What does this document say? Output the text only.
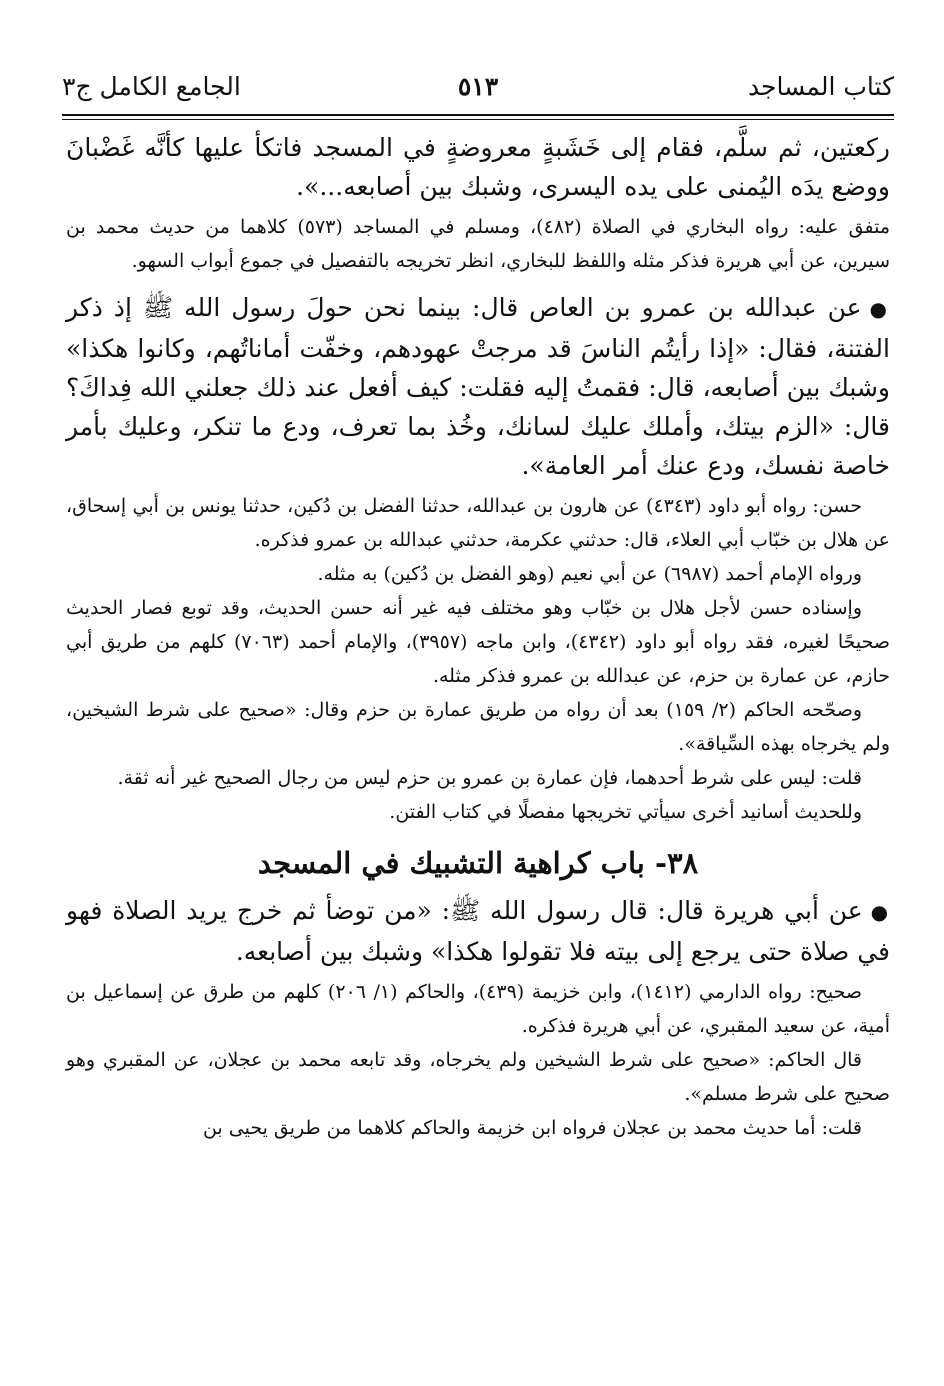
كتاب المساجد
٥١٣
الجامع الكامل ج٣

ركعتين، ثم سلَّم، فقام إلى خَشَبةٍ معروضةٍ في المسجد فاتكأ عليها كأنَّه غَضْبانَ ووضع يدَه اليُمنى على يده اليسرى، وشبك بين أصابعه...».

متفق عليه: رواه البخاري في الصلاة (٤٨٢)، ومسلم في المساجد (٥٧٣) كلاهما من حديث محمد بن سيرين، عن أبي هريرة فذكر مثله واللفظ للبخاري، انظر تخريجه بالتفصيل في جموع أبواب السهو.

●عن عبدالله بن عمرو بن العاص قال: بينما نحن حولَ رسول الله ﷺ إذ ذكر الفتنة، فقال: «إذا رأيتُم الناسَ قد مرجتْ عهودهم، وخفّت أماناتُهم، وكانوا هكذا» وشبك بين أصابعه، قال: فقمتُ إليه فقلت: كيف أفعل عند ذلك جعلني الله فِداكَ؟ قال: «الزم بيتك، وأملك عليك لسانك، وخُذ بما تعرف، ودع ما تنكر، وعليك بأمر خاصة نفسك، ودع عنك أمر العامة».

حسن: رواه أبو داود (٤٣٤٣) عن هارون بن عبدالله، حدثنا الفضل بن دُكين، حدثنا يونس بن أبي إسحاق، عن هلال بن خبّاب أبي العلاء، قال: حدثني عكرمة، حدثني عبدالله بن عمرو فذكره.

ورواه الإمام أحمد (٦٩٨٧) عن أبي نعيم (وهو الفضل بن دُكين) به مثله.

وإسناده حسن لأجل هلال بن خبّاب وهو مختلف فيه غير أنه حسن الحديث، وقد توبع فصار الحديث صحيحًا لغيره، فقد رواه أبو داود (٤٣٤٢)، وابن ماجه (٣٩٥٧)، والإمام أحمد (٧٠٦٣) كلهم من طريق أبي حازم، عن عمارة بن حزم، عن عبدالله بن عمرو فذكر مثله.

وصحّحه الحاكم (٢/ ١٥٩) بعد أن رواه من طريق عمارة بن حزم وقال: «صحيح على شرط الشيخين، ولم يخرجاه بهذه السِّياقة».

قلت: ليس على شرط أحدهما، فإن عمارة بن عمرو بن حزم ليس من رجال الصحيح غير أنه ثقة.

وللحديث أسانيد أخرى سيأتي تخريجها مفصلًا في كتاب الفتن.

٣٨- باب كراهية التشبيك في المسجد

●عن أبي هريرة قال: قال رسول الله ﷺ: «من توضأ ثم خرج يريد الصلاة فهو في صلاة حتى يرجع إلى بيته فلا تقولوا هكذا» وشبك بين أصابعه.

صحيح: رواه الدارمي (١٤١٢)، وابن خزيمة (٤٣٩)، والحاكم (١/ ٢٠٦) كلهم من طرق عن إسماعيل بن أمية، عن سعيد المقبري، عن أبي هريرة فذكره.

قال الحاكم: «صحيح على شرط الشيخين ولم يخرجاه، وقد تابعه محمد بن عجلان، عن المقبري وهو صحيح على شرط مسلم».

قلت: أما حديث محمد بن عجلان فرواه ابن خزيمة والحاكم كلاهما من طريق يحيى بن
